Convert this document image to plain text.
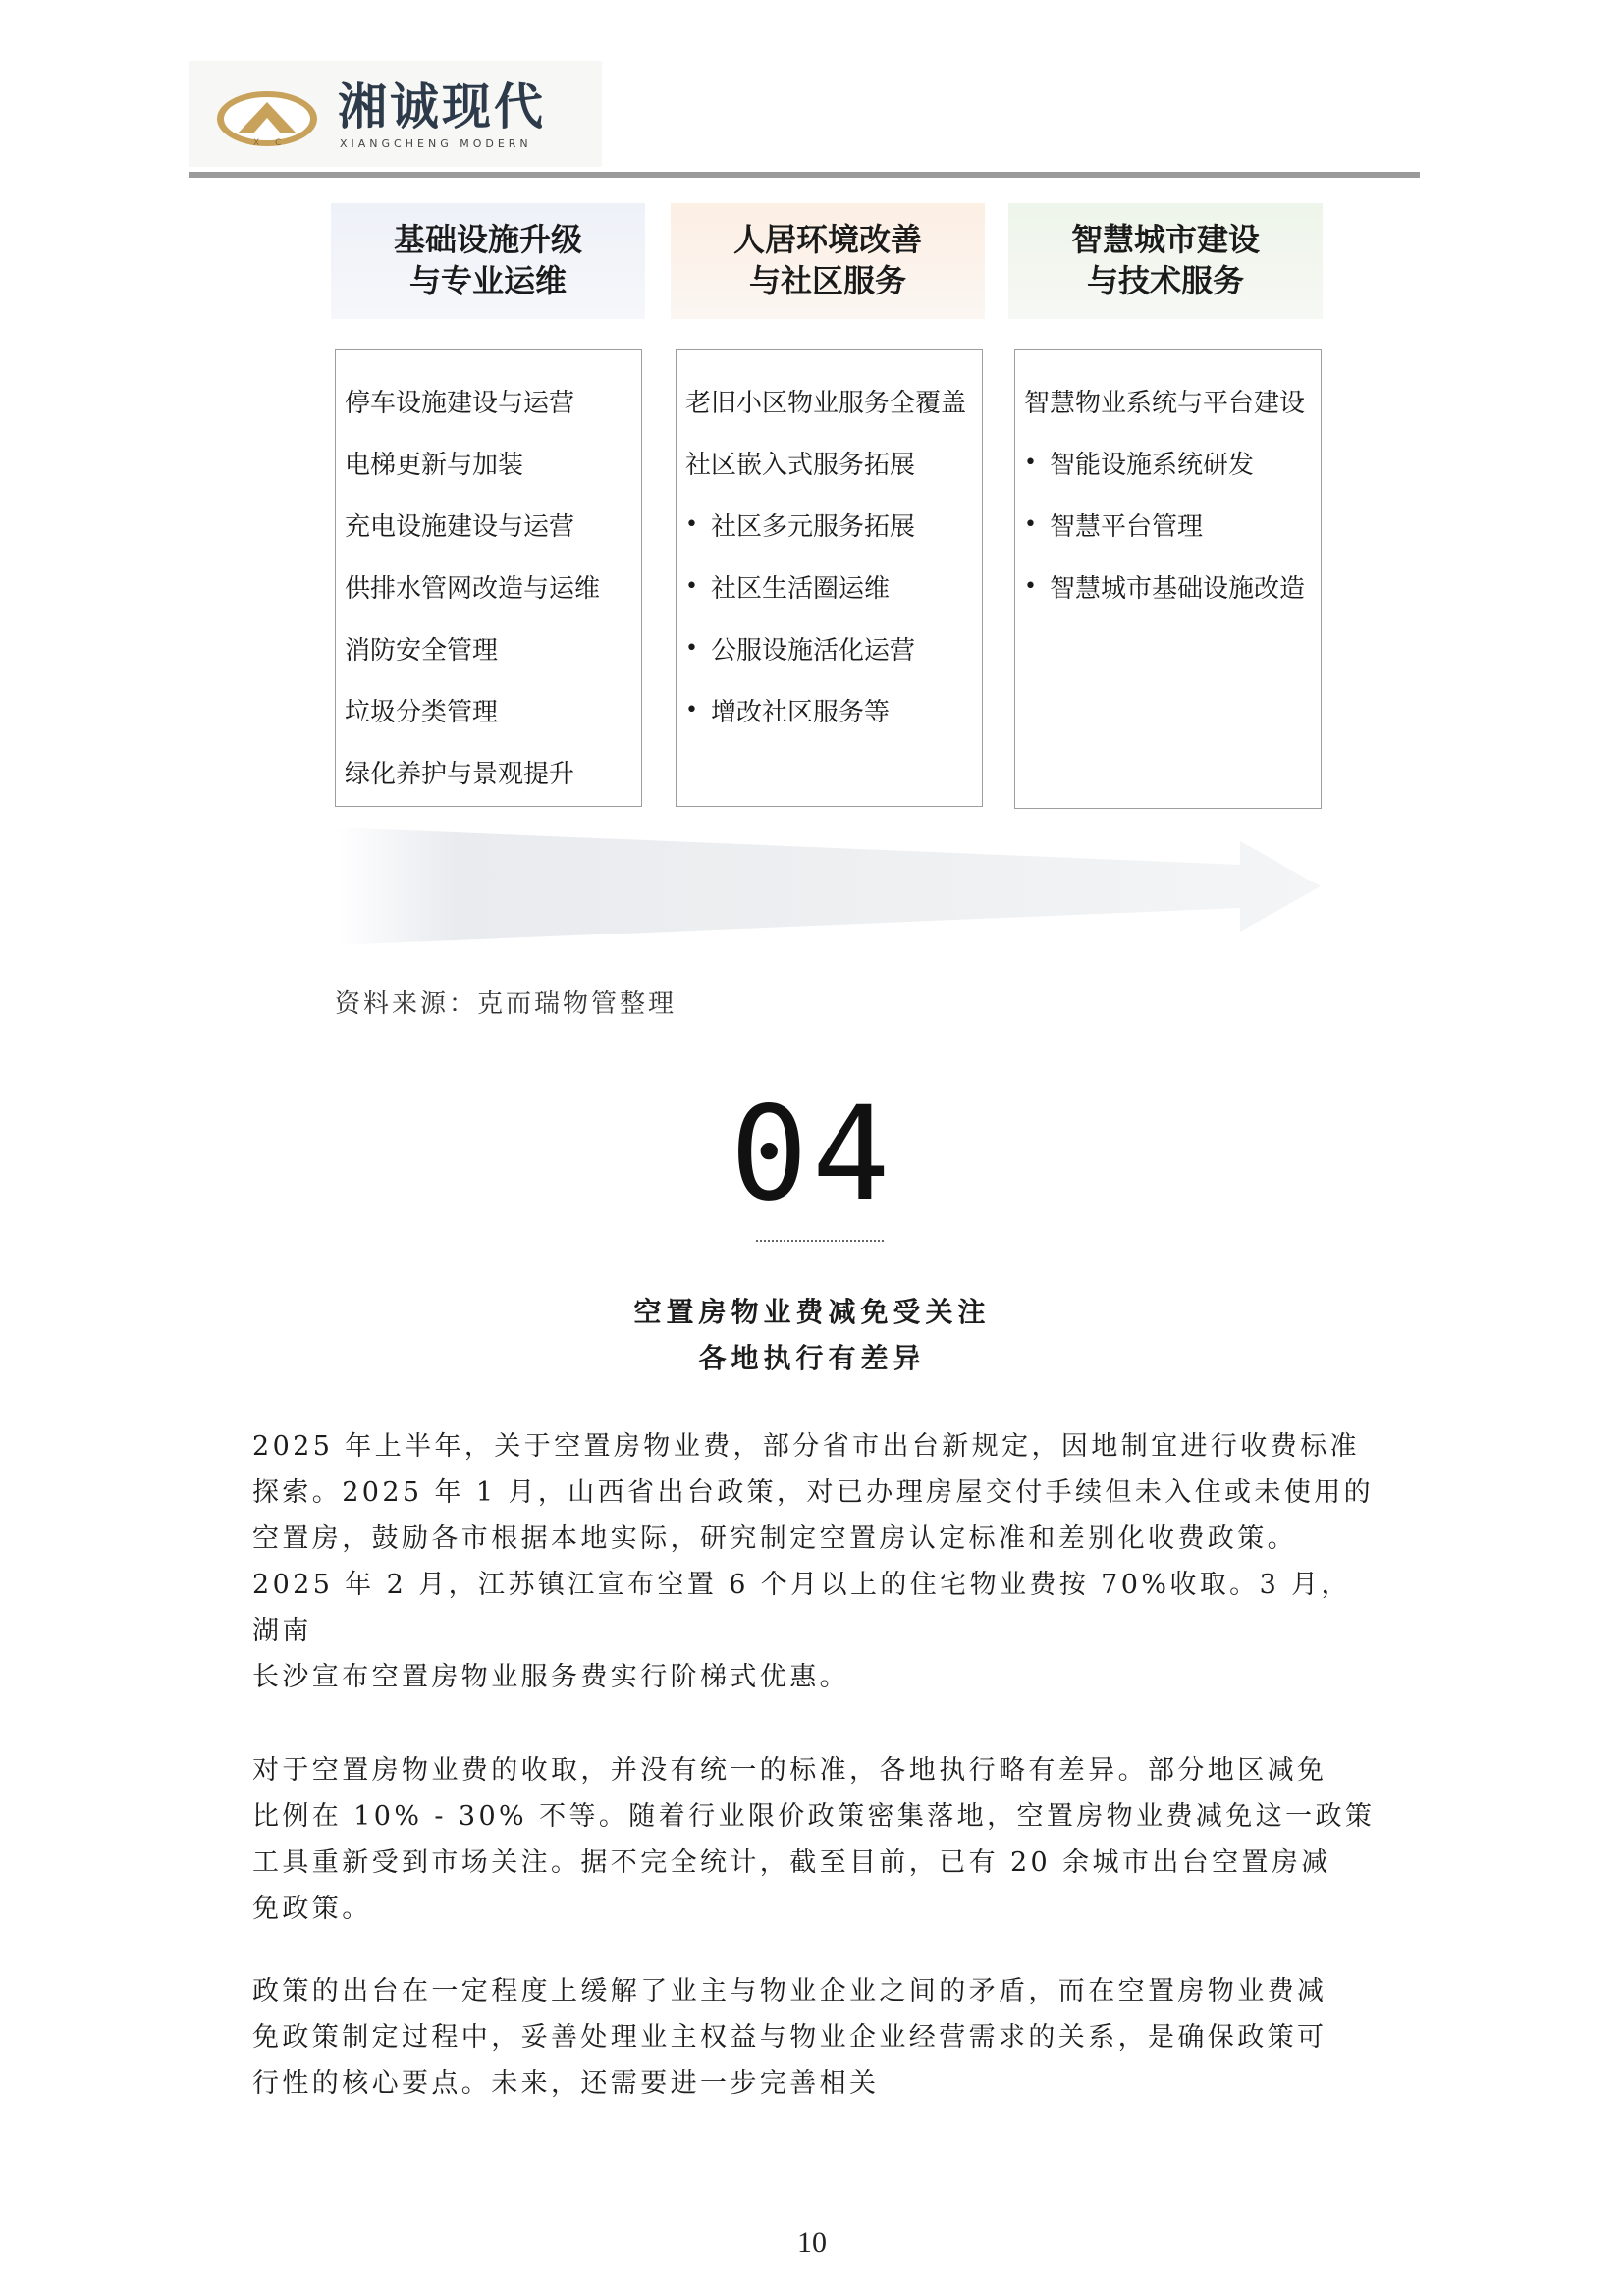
X C
湘诚现代
XIANGCHENG MODERN
基础设施升级
与专业运维
人居环境改善
与社区服务
智慧城市建设
与技术服务
停车设施建设与运营
电梯更新与加装
充电设施建设与运营
供排水管网改造与运维
消防安全管理
垃圾分类管理
绿化养护与景观提升
老旧小区物业服务全覆盖
社区嵌入式服务拓展
• 社区多元服务拓展
• 社区生活圈运维
• 公服设施活化运营
• 增改社区服务等
智慧物业系统与平台建设
• 智能设施系统研发
• 智慧平台管理
• 智慧城市基础设施改造
资料来源：克而瑞物管整理
04
空置房物业费减免受关注
各地执行有差异
2025 年上半年，关于空置房物业费，部分省市出台新规定，因地制宜进行收费标准
探索。2025 年 1 月，山西省出台政策，对已办理房屋交付手续但未入住或未使用的
空置房，鼓励各市根据本地实际，研究制定空置房认定标准和差别化收费政策。
2025 年 2 月，江苏镇江宣布空置 6 个月以上的住宅物业费按 70%收取。3 月，湖南
长沙宣布空置房物业服务费实行阶梯式优惠。
对于空置房物业费的收取，并没有统一的标准，各地执行略有差异。部分地区减免
比例在 10% - 30% 不等。随着行业限价政策密集落地，空置房物业费减免这一政策
工具重新受到市场关注。据不完全统计，截至目前，已有 20 余城市出台空置房减
免政策。
政策的出台在一定程度上缓解了业主与物业企业之间的矛盾，而在空置房物业费减
免政策制定过程中，妥善处理业主权益与物业企业经营需求的关系，是确保政策可
行性的核心要点。未来，还需要进一步完善相关
10
